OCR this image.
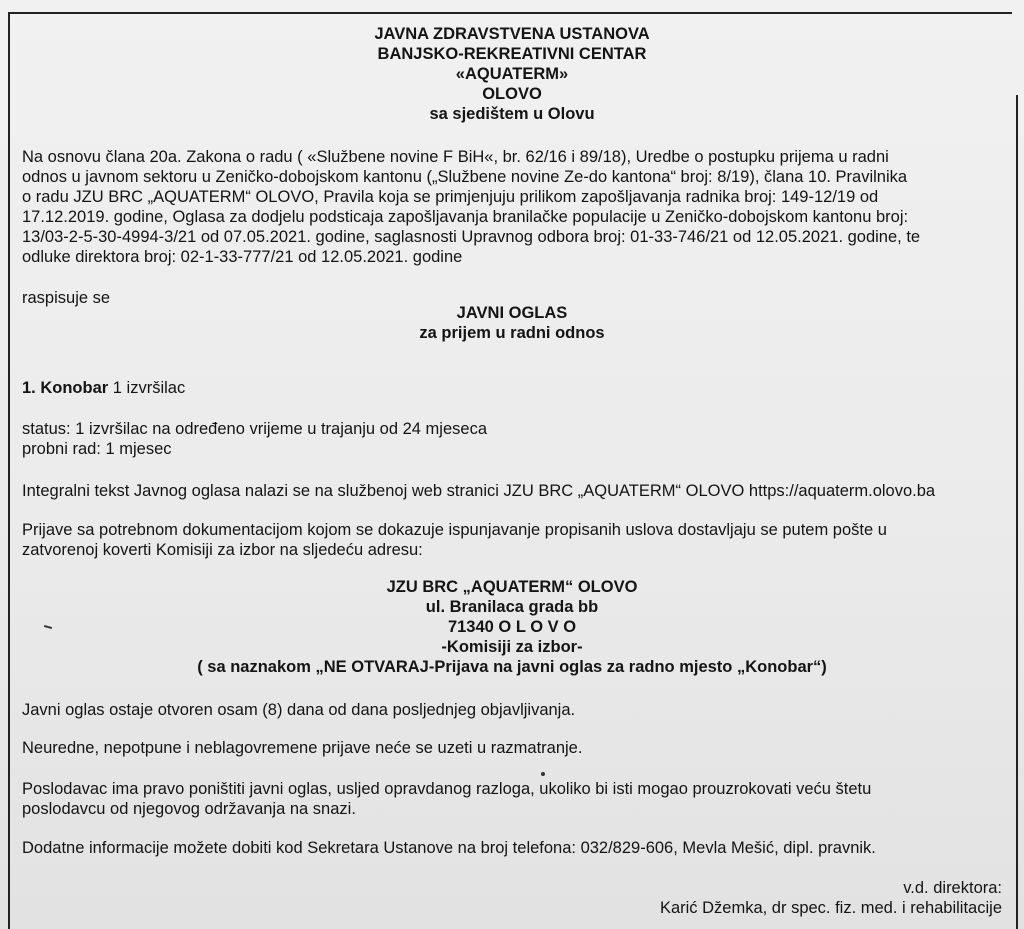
JAVNA ZDRAVSTVENA USTANOVA
BANJSKO-REKREATIVNI CENTAR
«AQUATERM»
OLOVO
sa sjedištem u Olovu
Na osnovu člana 20a. Zakona o radu ( «Službene novine F BiH«, br. 62/16 i 89/18), Uredbe o postupku prijema u radni
odnos u javnom sektoru u Zeničko-dobojskom kantonu („Službene novine Ze-do kantona“ broj: 8/19), člana 10. Pravilnika
o radu JZU BRC „AQUATERM“ OLOVO, Pravila koja se primjenjuju prilikom zapošljavanja radnika broj: 149-12/19 od
17.12.2019. godine, Oglasa za dodjelu podsticaja zapošljavanja branilačke populacije u Zeničko-dobojskom kantonu broj:
13/03-2-5-30-4994-3/21 od 07.05.2021. godine, saglasnosti Upravnog odbora broj: 01-33-746/21 od 12.05.2021. godine, te
odluke direktora broj: 02-1-33-777/21 od 12.05.2021. godine
raspisuje se
JAVNI OGLAS
za prijem u radni odnos
1. Konobar 1 izvršilac
status: 1 izvršilac na određeno vrijeme u trajanju od 24 mjeseca
probni rad: 1 mjesec
Integralni tekst Javnog oglasa nalazi se na službenoj web stranici JZU BRC „AQUATERM“ OLOVO https://aquaterm.olovo.ba
Prijave sa potrebnom dokumentacijom kojom se dokazuje ispunjavanje propisanih uslova dostavljaju se putem pošte u
zatvorenoj koverti Komisiji za izbor na sljedeću adresu:
JZU BRC „AQUATERM“ OLOVO
ul. Branilaca grada bb
71340 O L O V O
-Komisiji za izbor-
( sa naznakom „NE OTVARAJ-Prijava na javni oglas za radno mjesto „Konobar“)
Javni oglas ostaje otvoren osam (8) dana od dana posljednjeg objavljivanja.
Neuredne, nepotpune i neblagovremene prijave neće se uzeti u razmatranje.
Poslodavac ima pravo poništiti javni oglas, usljed opravdanog razloga, ukoliko bi isti mogao prouzrokovati veću štetu
poslodavcu od njegovog održavanja na snazi.
Dodatne informacije možete dobiti kod Sekretara Ustanove na broj telefona: 032/829-606, Mevla Mešić, dipl. pravnik.
v.d. direktora:
Karić Džemka, dr spec. fiz. med. i rehabilitacije
